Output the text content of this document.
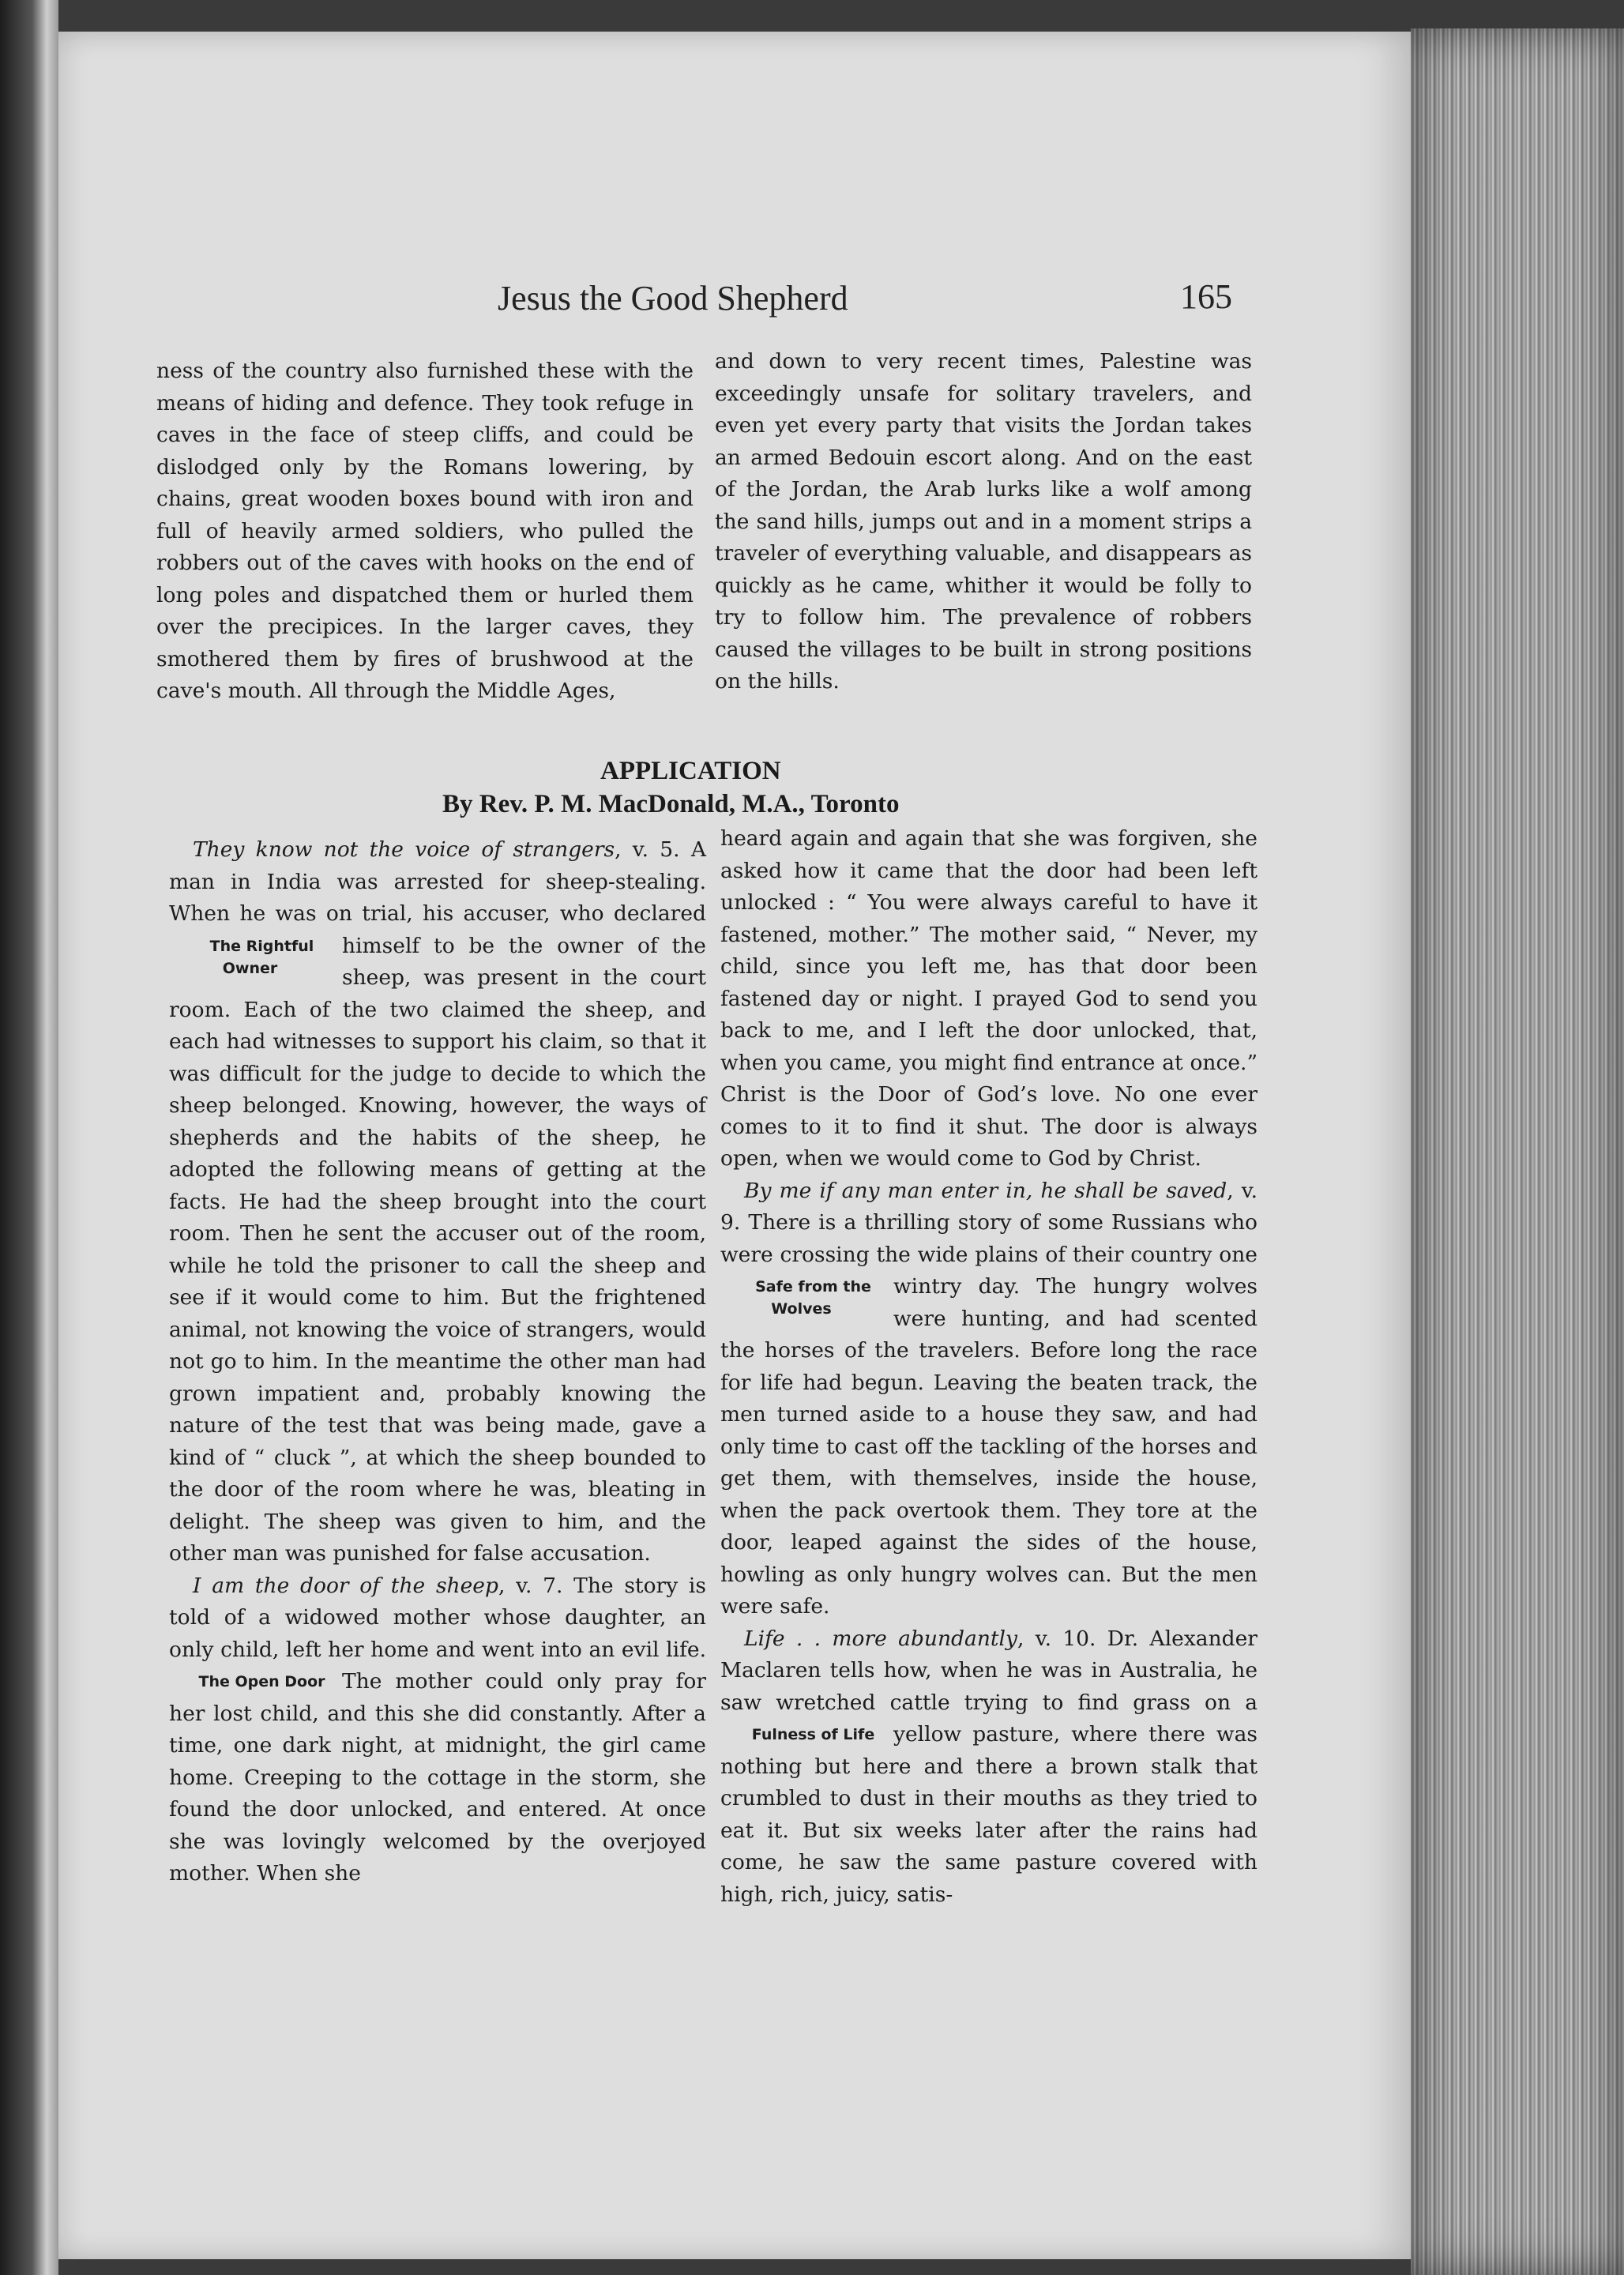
Jesus the Good Shepherd	165

ness of the country also furnished these with the means of hiding and defence. They took refuge in caves in the face of steep cliffs, and could be dislodged only by the Romans lowering, by chains, great wooden boxes bound with iron and full of heavily armed soldiers, who pulled the robbers out of the caves with hooks on the end of long poles and dispatched them or hurled them over the precipices. In the larger caves, they smothered them by fires of brushwood at the cave's mouth. All through the Middle Ages,

and down to very recent times, Palestine was exceedingly unsafe for solitary travelers, and even yet every party that visits the Jordan takes an armed Bedouin escort along. And on the east of the Jordan, the Arab lurks like a wolf among the sand hills, jumps out and in a moment strips a traveler of everything valuable, and disappears as quickly as he came, whither it would be folly to try to follow him. The prevalence of robbers caused the villages to be built in strong positions on the hills.

APPLICATION
By Rev. P. M. MacDonald, M.A., Toronto

They know not the voice of strangers, v. 5. A man in India was arrested for sheep-stealing. When he was on trial, his accuser, who declared himself to be the
The Rightful Owner
owner of the sheep, was present in the court room. Each of the two claimed the sheep, and each had witnesses to support his claim, so that it was difficult for the judge to decide to which the sheep belonged. Knowing, however, the ways of shepherds and the habits of the sheep, he adopted the following means of getting at the facts. He had the sheep brought into the court room. Then he sent the accuser out of the room, while he told the prisoner to call the sheep and see if it would come to him. But the frightened animal, not knowing the voice of strangers, would not go to him. In the meantime the other man had grown impatient and, probably knowing the nature of the test that was being made, gave a kind of “ cluck ”, at which the sheep bounded to the door of the room where he was, bleating in delight. The sheep was given to him, and the other man was punished for false accusation.

I am the door of the sheep, v. 7. The story is told of a widowed mother whose daughter, an only child, left her home and went into an evil life. The mother could
The Open Door	only pray for her lost child, and this she did constantly. After a time, one dark night, at midnight, the girl came home. Creeping to the cottage in the storm, she found the door unlocked, and entered. At once she was lovingly welcomed by the overjoyed mother. When she

heard again and again that she was forgiven, she asked how it came that the door had been left unlocked : “ You were always careful to have it fastened, mother.” The mother said, “ Never, my child, since you left me, has that door been fastened day or night. I prayed God to send you back to me, and I left the door unlocked, that, when you came, you might find entrance at once.” Christ is the Door of God’s love. No one ever comes to it to find it shut. The door is always open, when we would come to God by Christ.

By me if any man enter in, he shall be saved, v. 9. There is a thrilling story of some Russians who were crossing the wide plains of their country one wintry day.
Safe from the Wolves
The hungry wolves were hunting, and had scented the horses of the travelers. Before long the race for life had begun. Leaving the beaten track, the men turned aside to a house they saw, and had only time to cast off the tackling of the horses and get them, with themselves, inside the house, when the pack overtook them. They tore at the door, leaped against the sides of the house, howling as only hungry wolves can. But the men were safe.

Life . . more abundantly, v. 10. Dr. Alexander Maclaren tells how, when he was in Australia, he saw wretched cattle trying to find grass on a yellow pasture,
Fulness of Life	where there was nothing but here and there a brown stalk that crumbled to dust in their mouths as they tried to eat it. But six weeks later after the rains had come, he saw the same pasture covered with high, rich, juicy, satis-
